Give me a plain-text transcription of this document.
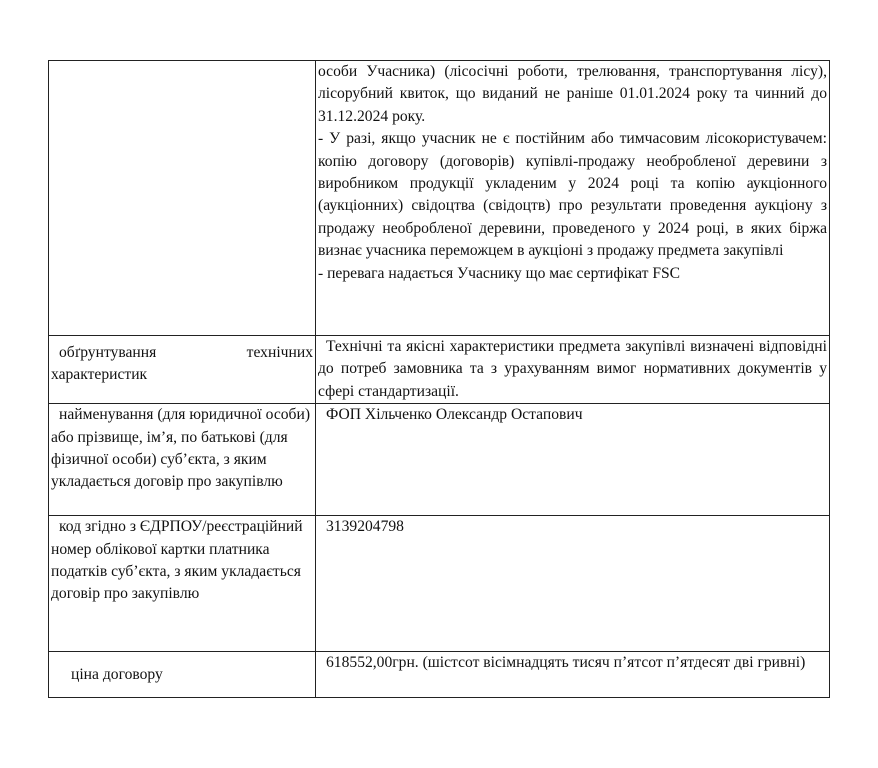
	особи Учасника) (лісосічні роботи, трелювання, транспортування лісу), лісорубний квиток, що виданий не раніше 01.01.2024 року та чинний до 31.12.2024 року.
- У разі, якщо учасник не є постійним або тимчасовим лісокористувачем: копію договору (договорів) купівлі-продажу необробленої деревини з виробником продукції укладеним у 2024 році та копію аукціонного (аукціонних) свідоцтва (свідоцтв) про результати проведення аукціону з продажу необробленої деревини, проведеного у 2024 році, в яких біржа визнає учасника переможцем в аукціоні з продажу предмета закупівлі
- перевага надається Учаснику що має сертифікат FSC

обґрунтування технічних характеристик	Технічні та якісні характеристики предмета закупівлі визначені відповідні до потреб замовника та з урахуванням вимог нормативних документів у сфері стандартизації.
найменування (для юридичної особи) або прізвище, ім’я, по батькові (для фізичної особи) суб’єкта, з яким укладається договір про закупівлю	ФОП Хільченко Олександр Остапович
код згідно з ЄДРПОУ/реєстраційний номер облікової картки платника податків суб’єкта, з яким укладається договір про закупівлю	3139204798
ціна договору	618552,00грн. (шістсот вісімнадцять тисяч п’ятсот п’ятдесят дві гривні)
